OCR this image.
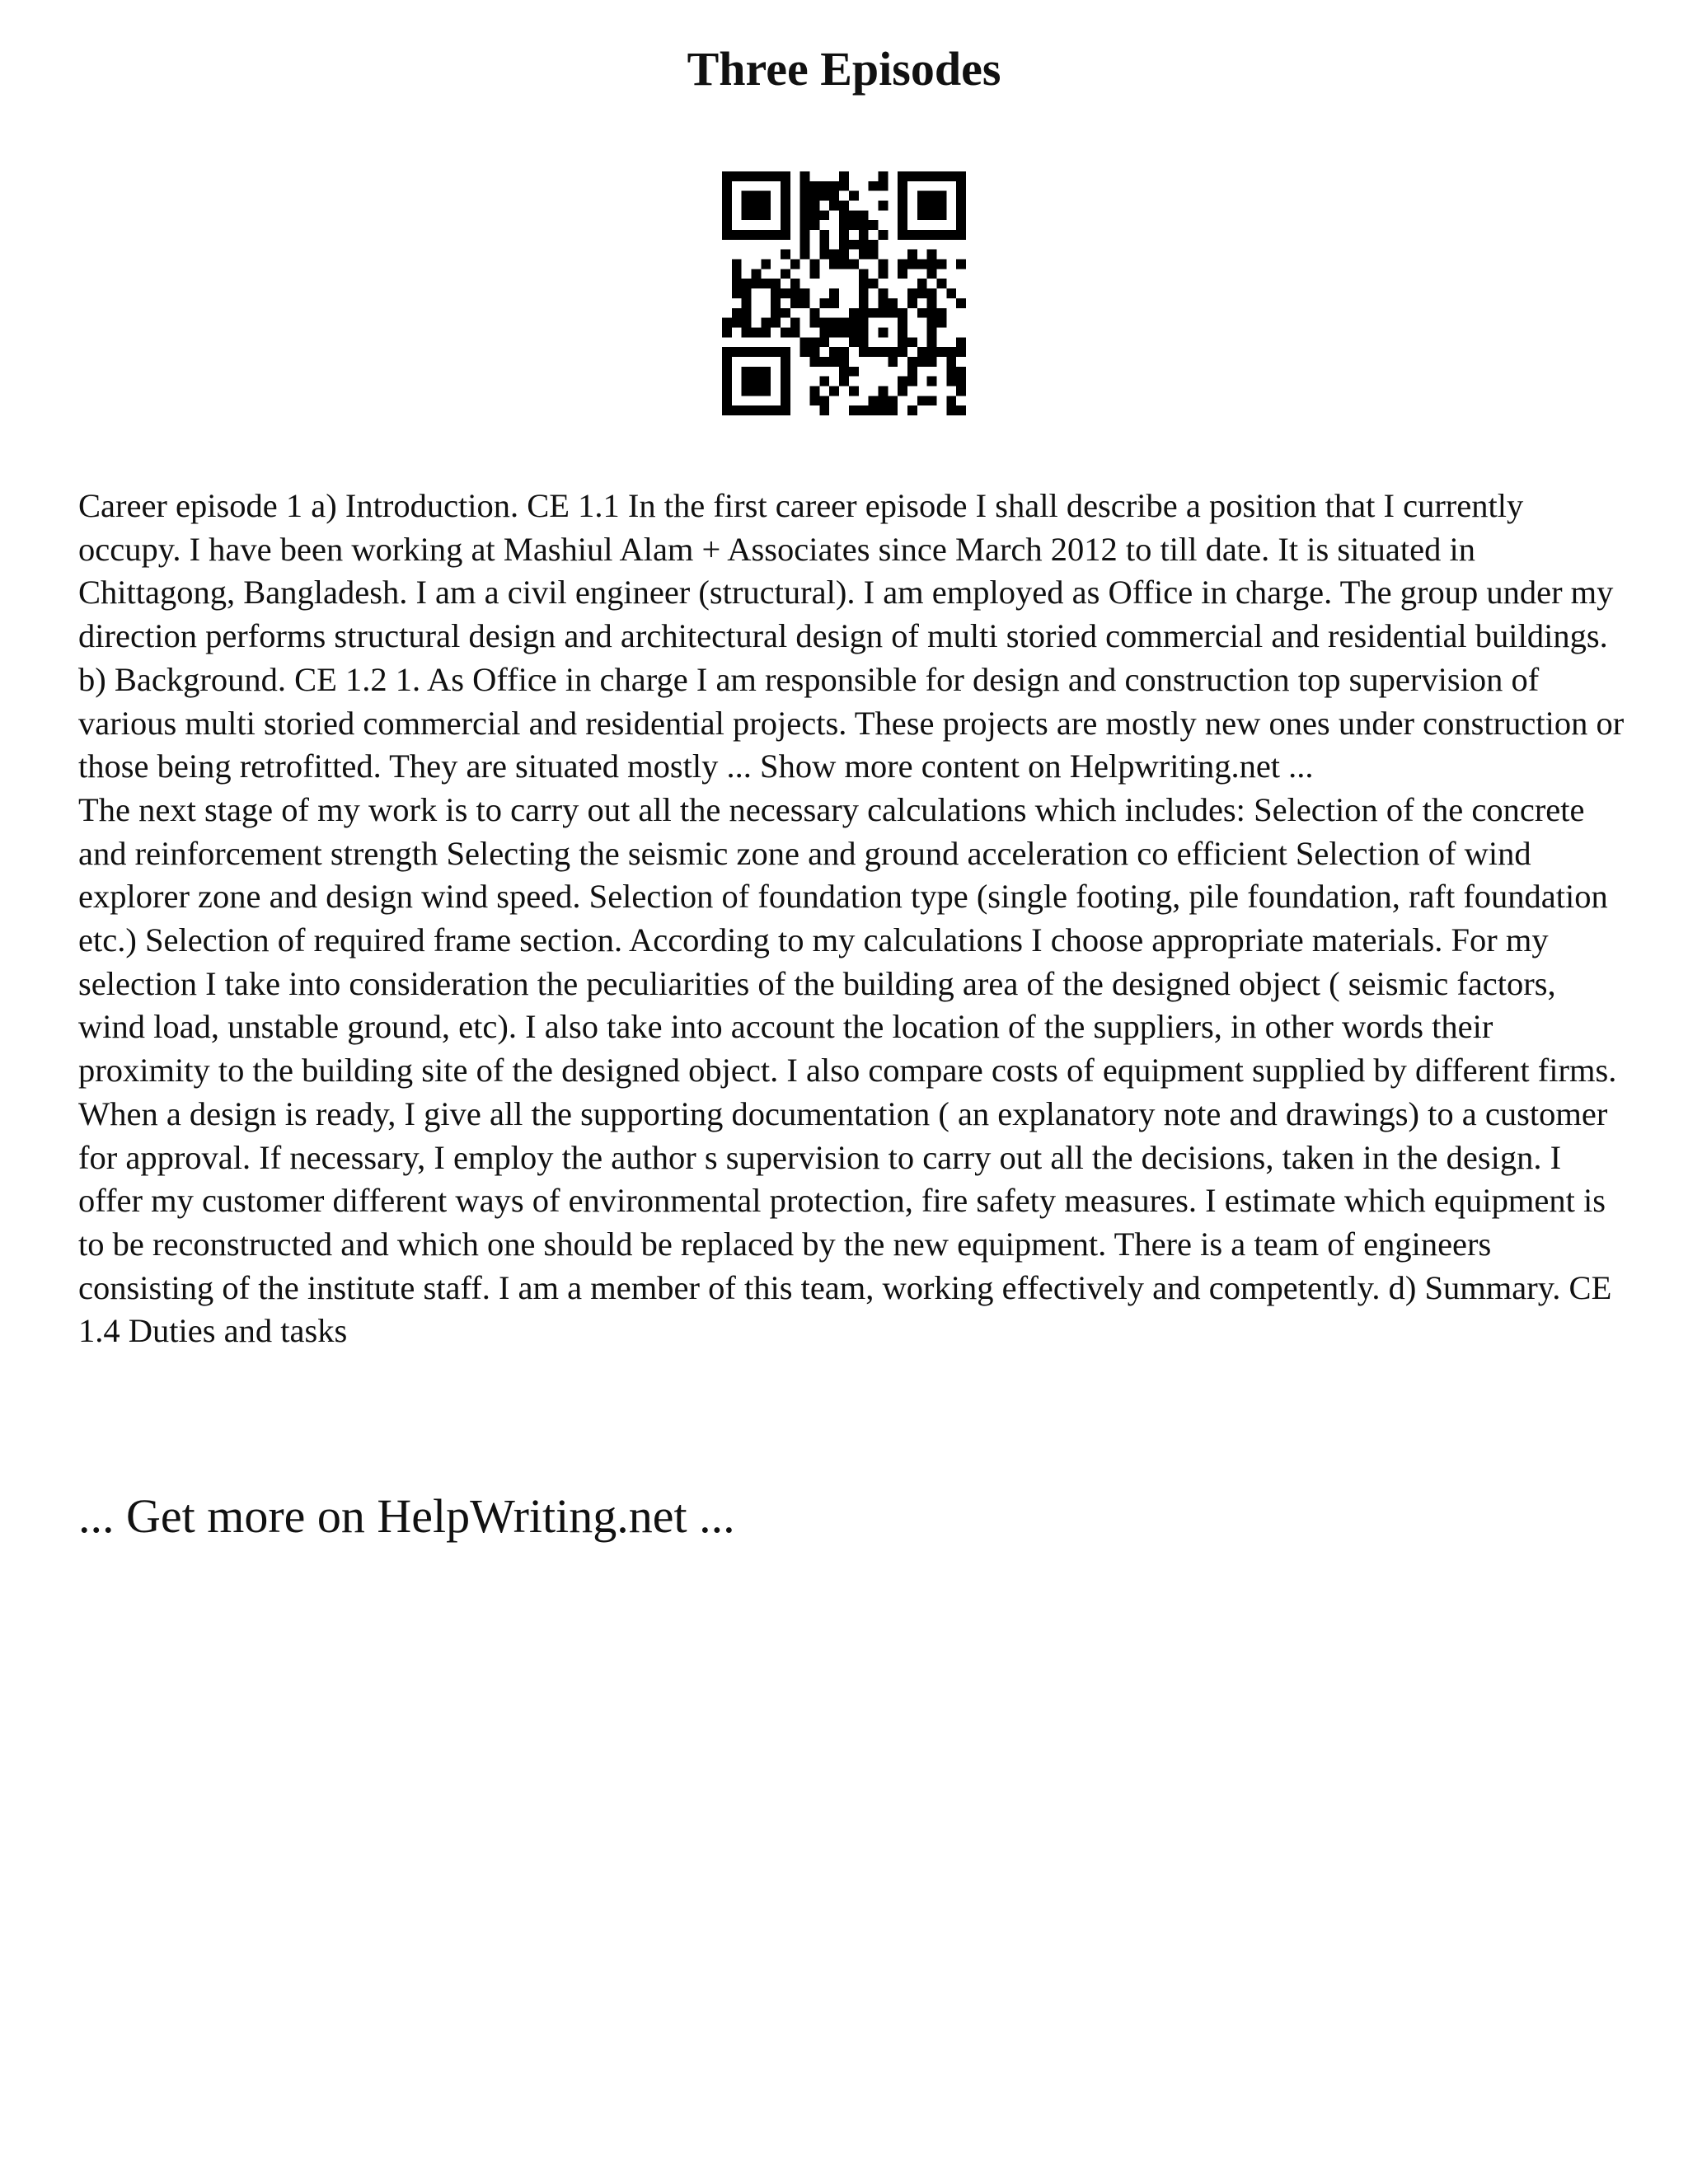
Three Episodes

Career episode 1 a) Introduction. CE 1.1 In the first career episode I shall describe a position that I currently occupy. I have been working at Mashiul Alam + Associates since March 2012 to till date. It is situated in Chittagong, Bangladesh. I am a civil engineer (structural). I am employed as Office in charge. The group under my direction performs structural design and architectural design of multi storied commercial and residential buildings. b) Background. CE 1.2 1. As Office in charge I am responsible for design and construction top supervision of various multi storied commercial and residential projects. These projects are mostly new ones under construction or those being retrofitted. They are situated mostly ... Show more content on Helpwriting.net ...

The next stage of my work is to carry out all the necessary calculations which includes: Selection of the concrete and reinforcement strength Selecting the seismic zone and ground acceleration co efficient Selection of wind explorer zone and design wind speed. Selection of foundation type (single footing, pile foundation, raft foundation etc.) Selection of required frame section. According to my calculations I choose appropriate materials. For my selection I take into consideration the peculiarities of the building area of the designed object ( seismic factors, wind load, unstable ground, etc). I also take into account the location of the suppliers, in other words their proximity to the building site of the designed object. I also compare costs of equipment supplied by different firms. When a design is ready, I give all the supporting documentation ( an explanatory note and drawings) to a customer for approval. If necessary, I employ the author s supervision to carry out all the decisions, taken in the design. I offer my customer different ways of environmental protection, fire safety measures. I estimate which equipment is to be reconstructed and which one should be replaced by the new equipment. There is a team of engineers consisting of the institute staff. I am a member of this team, working effectively and competently. d) Summary. CE 1.4 Duties and tasks

... Get more on HelpWriting.net ...
